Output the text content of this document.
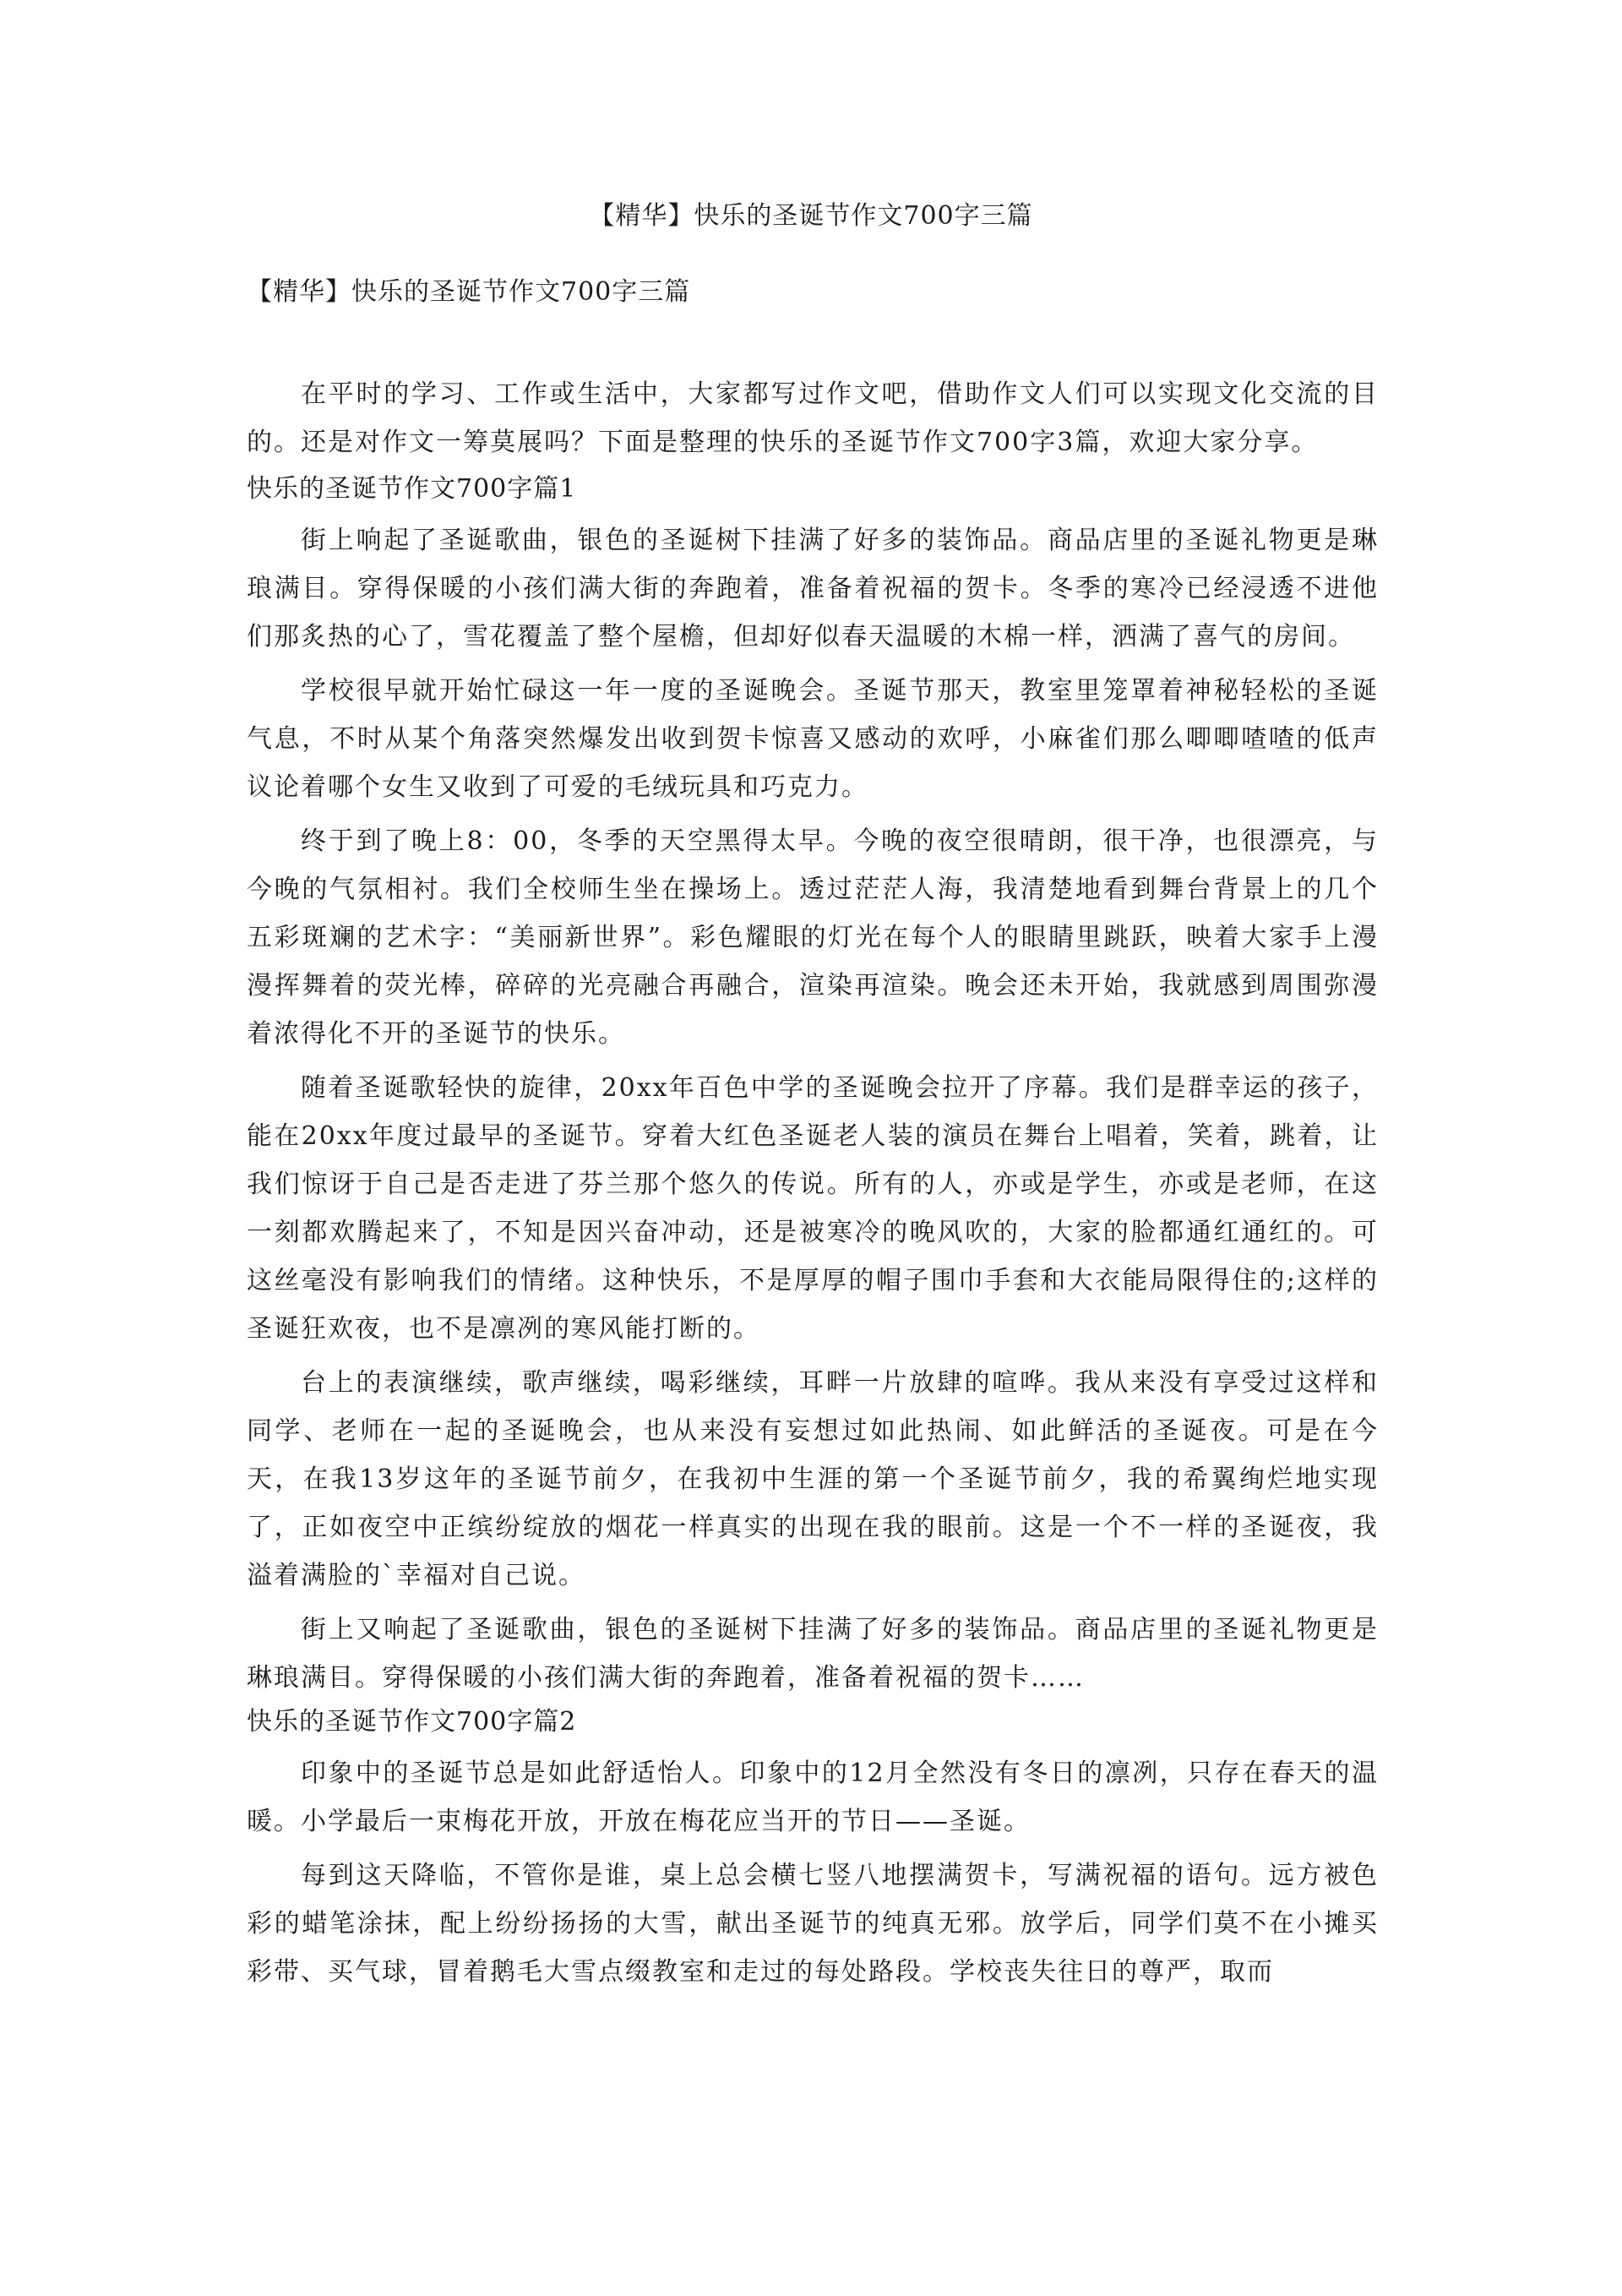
【精华】快乐的圣诞节作文700字三篇

【精华】快乐的圣诞节作文700字三篇

在平时的学习、工作或生活中，大家都写过作文吧，借助作文人们可以实现文化交流的目的。还是对作文一筹莫展吗？下面是整理的快乐的圣诞节作文700字3篇，欢迎大家分享。

快乐的圣诞节作文700字篇1

街上响起了圣诞歌曲，银色的圣诞树下挂满了好多的装饰品。商品店里的圣诞礼物更是琳琅满目。穿得保暖的小孩们满大街的奔跑着，准备着祝福的贺卡。冬季的寒冷已经浸透不进他们那炙热的心了，雪花覆盖了整个屋檐，但却好似春天温暖的木棉一样，洒满了喜气的房间。

学校很早就开始忙碌这一年一度的圣诞晚会。圣诞节那天，教室里笼罩着神秘轻松的圣诞气息，不时从某个角落突然爆发出收到贺卡惊喜又感动的欢呼，小麻雀们那么唧唧喳喳的低声议论着哪个女生又收到了可爱的毛绒玩具和巧克力。

终于到了晚上8：00，冬季的天空黑得太早。今晚的夜空很晴朗，很干净，也很漂亮，与今晚的气氛相衬。我们全校师生坐在操场上。透过茫茫人海，我清楚地看到舞台背景上的几个五彩斑斓的艺术字：“美丽新世界”。彩色耀眼的灯光在每个人的眼睛里跳跃，映着大家手上漫漫挥舞着的荧光棒，碎碎的光亮融合再融合，渲染再渲染。晚会还未开始，我就感到周围弥漫着浓得化不开的圣诞节的快乐。

随着圣诞歌轻快的旋律，20xx年百色中学的圣诞晚会拉开了序幕。我们是群幸运的孩子，能在20xx年度过最早的圣诞节。穿着大红色圣诞老人装的演员在舞台上唱着，笑着，跳着，让我们惊讶于自己是否走进了芬兰那个悠久的传说。所有的人，亦或是学生，亦或是老师，在这一刻都欢腾起来了，不知是因兴奋冲动，还是被寒冷的晚风吹的，大家的脸都通红通红的。可这丝毫没有影响我们的情绪。这种快乐，不是厚厚的帽子围巾手套和大衣能局限得住的;这样的圣诞狂欢夜，也不是凛冽的寒风能打断的。

台上的表演继续，歌声继续，喝彩继续，耳畔一片放肆的喧哗。我从来没有享受过这样和同学、老师在一起的圣诞晚会，也从来没有妄想过如此热闹、如此鲜活的圣诞夜。可是在今天，在我13岁这年的圣诞节前夕，在我初中生涯的第一个圣诞节前夕，我的希翼绚烂地实现了，正如夜空中正缤纷绽放的烟花一样真实的出现在我的眼前。这是一个不一样的圣诞夜，我溢着满脸的`幸福对自己说。

街上又响起了圣诞歌曲，银色的圣诞树下挂满了好多的装饰品。商品店里的圣诞礼物更是琳琅满目。穿得保暖的小孩们满大街的奔跑着，准备着祝福的贺卡……

快乐的圣诞节作文700字篇2

印象中的圣诞节总是如此舒适怡人。印象中的12月全然没有冬日的凛冽，只存在春天的温暖。小学最后一束梅花开放，开放在梅花应当开的节日——圣诞。

每到这天降临，不管你是谁，桌上总会横七竖八地摆满贺卡，写满祝福的语句。远方被色彩的蜡笔涂抹，配上纷纷扬扬的大雪，献出圣诞节的纯真无邪。放学后，同学们莫不在小摊买彩带、买气球，冒着鹅毛大雪点缀教室和走过的每处路段。学校丧失往日的尊严，取而
